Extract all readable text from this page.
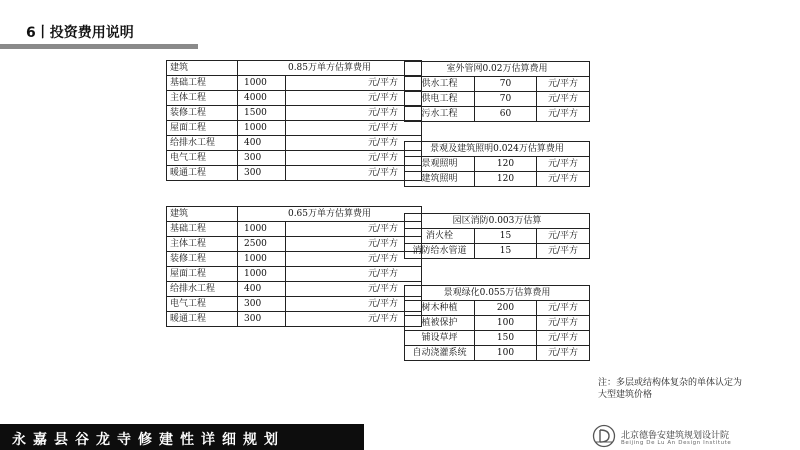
6丨投资费用说明
建筑	0.85万单方估算费用	
基础工程	1000	元/平方
主体工程	4000	元/平方
装修工程	1500	元/平方
屋面工程	1000	元/平方
给排水工程	400	元/平方
电气工程	300	元/平方
暖通工程	300	元/平方
建筑	0.65万单方估算费用	
基础工程	1000	元/平方
主体工程	2500	元/平方
装修工程	1000	元/平方
屋面工程	1000	元/平方
给排水工程	400	元/平方
电气工程	300	元/平方
暖通工程	300	元/平方
室外管网0.02万估算费用		
供水工程	70	元/平方
供电工程	70	元/平方
污水工程	60	元/平方
景观及建筑照明0.024万估算费用		
景观照明	120	元/平方
建筑照明	120	元/平方
园区消防0.003万估算		
消火栓	15	元/平方
消防给水管道	15	元/平方
景观绿化0.055万估算费用		
树木种植	200	元/平方
植被保护	100	元/平方
铺设草坪	150	元/平方
自动浇灌系统	100	元/平方
注：多层或结构体复杂的单体认定为
大型建筑价格
永嘉县谷龙寺修建性详细规划	北京德鲁安建筑规划设计院
Beijing De Lu An Design Institute
